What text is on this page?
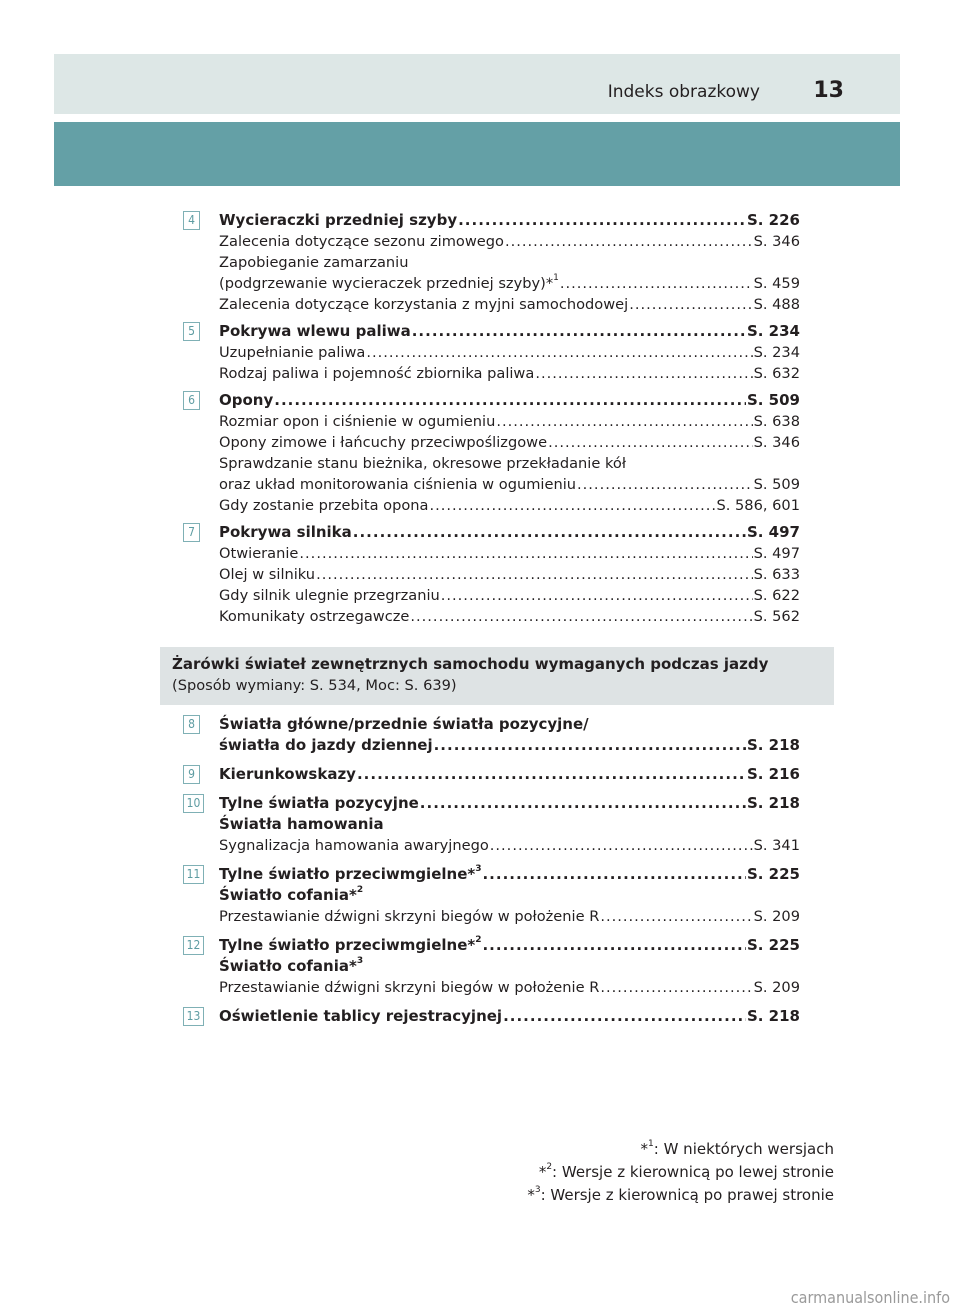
Indeks obrazkowy 13
4	Wycieraczki przedniej szyby .....	S. 226
Zalecenia dotyczące sezonu zimowego .....	S. 346
Zapobieganie zamarzaniu
(podgrzewanie wycieraczek przedniej szyby)*$^1$ .....	S. 459
Zalecenia dotyczące korzystania z myjni samochodowej .....	S. 488
5	Pokrywa wlewu paliwa .....	S. 234
Uzupełnianie paliwa .....	S. 234
Rodzaj paliwa i pojemność zbiornika paliwa .....	S. 632
6	Opony .....	S. 509
Rozmiar opon i ciśnienie w ogumieniu .....	S. 638
Opony zimowe i łańcuchy przeciwpoślizgowe .....	S. 346
Sprawdzanie stanu bieżnika, okresowe przekładanie kół
oraz układ monitorowania ciśnienia w ogumieniu .....	S. 509
Gdy zostanie przebita opona .....	S. 586, 601
7	Pokrywa silnika .....	S. 497
Otwieranie .....	S. 497
Olej w silniku .....	S. 633
Gdy silnik ulegnie przegrzaniu .....	S. 622
Komunikaty ostrzegawcze .....	S. 562
Żarówki świateł zewnętrznych samochodu wymaganych podczas jazdy
(Sposób wymiany: S. 534, Moc: S. 639)
8	Światła główne/przednie światła pozycyjne/
światła do jazdy dziennej .....	S. 218
9	Kierunkowskazy .....	S. 216
10 Tylne światła pozycyjne .....	S. 218
Światła hamowania
Sygnalizacja hamowania awaryjnego .....	S. 341
11 Tylne światło przeciwmgielne*$^3$ .....	S. 225
Światło cofania*$^2$
Przestawianie dźwigni skrzyni biegów w położenie R .....	S. 209
12 Tylne światło przeciwmgielne*$^2$ .....	S. 225
Światło cofania*$^3$
Przestawianie dźwigni skrzyni biegów w położenie R .....	S. 209
13 Oświetlenie tablicy rejestracyjnej .....	S. 218
*$^1$: W niektórych wersjach
*$^2$: Wersje z kierownicą po lewej stronie
*$^3$: Wersje z kierownicą po prawej stronie
carmanualsonline.info
